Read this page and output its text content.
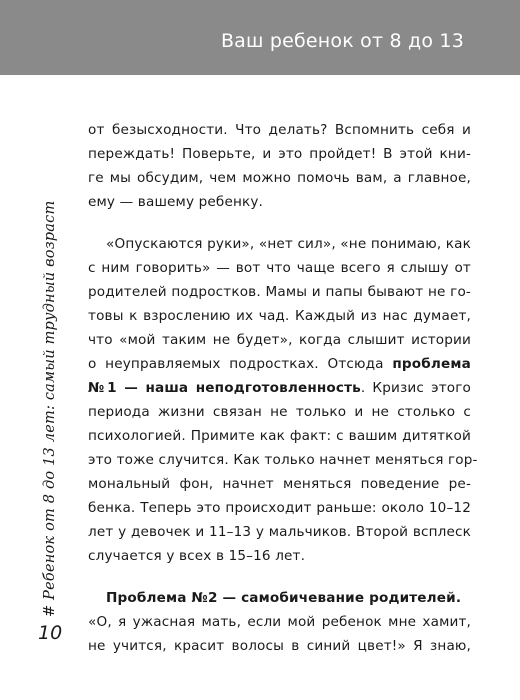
Ваш ребенок от 8 до 13
# Ребенок от 8 до 13 лет: самый трудный возраст
10
от безысходности. Что делать? Вспомнить себя и
переждать! Поверьте, и это пройдет! В этой кни-
ге мы обсудим, чем можно помочь вам, а главное,
ему — вашему ребенку.
«Опускаются руки», «нет сил», «не понимаю, как
с ним говорить» — вот что чаще всего я слышу от
родителей подростков. Мамы и папы бывают не го-
товы к взрослению их чад. Каждый из нас думает,
что «мой таким не будет», когда слышит истории
о неуправляемых подростках. Отсюда проблема
№1 — наша неподготовленность. Кризис этого
периода жизни связан не только и не столько с
психологией. Примите как факт: с вашим дитяткой
это тоже случится. Как только начнет меняться гор-
мональный фон, начнет меняться поведение ре-
бенка. Теперь это происходит раньше: около 10–12
лет у девочек и 11–13 у мальчиков. Второй всплеск
случается у всех в 15–16 лет.
Проблема №2 — самобичевание родителей.
«О, я ужасная мать, если мой ребенок мне хамит,
не учится, красит волосы в синий цвет!» Я знаю,
